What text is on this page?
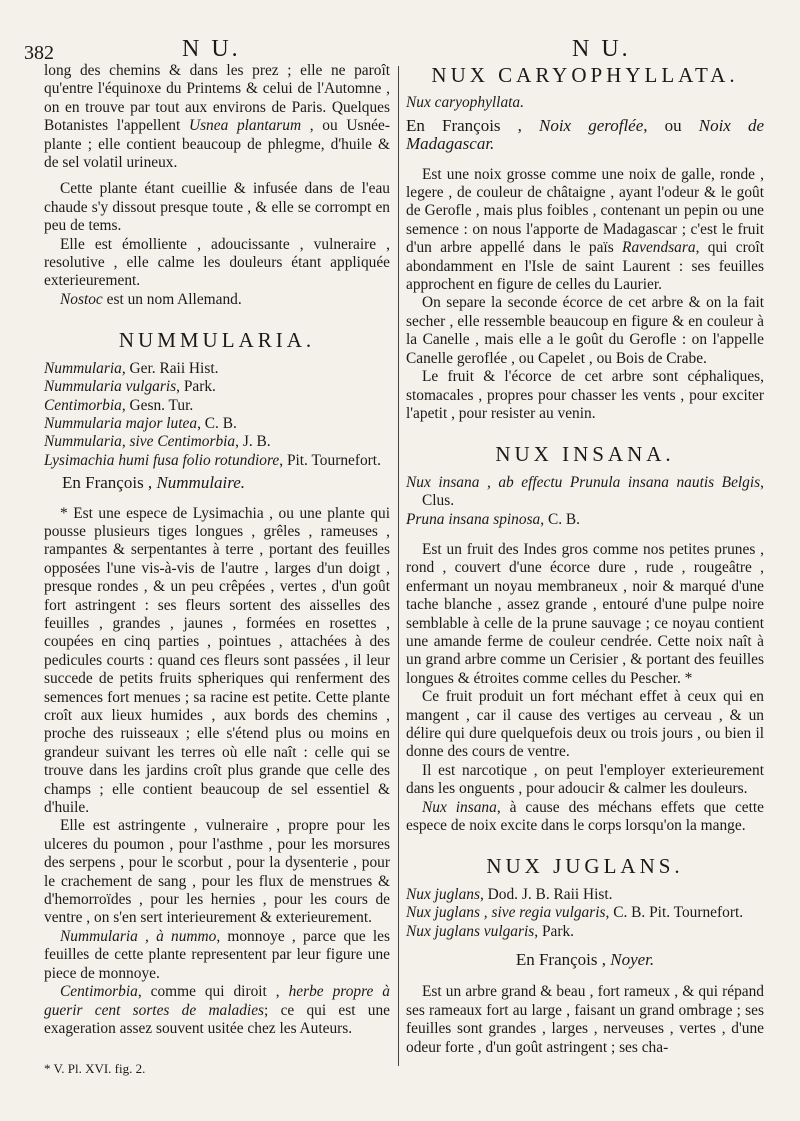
382	N U.	N U.

long des chemins & dans les prez ; elle ne paroît qu'entre l'équinoxe du Printems & celui de l'Automne , on en trouve par tout aux environs de Paris. Quelques Botanistes l'appellent Usnea plantarum , ou Usnée-plante ; elle contient beaucoup de phlegme, d'huile & de sel volatil urineux.

Cette plante étant cueillie & infusée dans de l'eau chaude s'y dissout presque toute , & elle se corrompt en peu de tems.

Elle est émolliente , adoucissante , vulneraire , resolutive , elle calme les douleurs étant appliquée exterieurement.

Nostoc est un nom Allemand.

NUMMULARIA.

Nummularia, Ger. Raii Hist.

Nummularia vulgaris, Park.

Centimorbia, Gesn. Tur.

Nummularia major lutea, C. B.

Nummularia, sive Centimorbia, J. B.

Lysimachia humi fusa folio rotundiore, Pit. Tournefort.

En François , Nummulaire.

* Est une espece de Lysimachia , ou une plante qui pousse plusieurs tiges longues , grêles , rameuses , rampantes & serpentantes à terre , portant des feuilles opposées l'une vis-à-vis de l'autre , larges d'un doigt , presque rondes , & un peu crêpées , vertes , d'un goût fort astringent : ses fleurs sortent des aisselles des feuilles , grandes , jaunes , formées en rosettes , coupées en cinq parties , pointues , attachées à des pedicules courts : quand ces fleurs sont passées , il leur succede de petits fruits spheriques qui renferment des semences fort menues ; sa racine est petite. Cette plante croît aux lieux humides , aux bords des chemins , proche des ruisseaux ; elle s'étend plus ou moins en grandeur suivant les terres où elle naît : celle qui se trouve dans les jardins croît plus grande que celle des champs ; elle contient beaucoup de sel essentiel & d'huile.

Elle est astringente , vulneraire , propre pour les ulceres du poumon , pour l'asthme , pour les morsures des serpens , pour le scorbut , pour la dysenterie , pour le crachement de sang , pour les flux de menstrues & d'hemorroïdes , pour les hernies , pour les cours de ventre , on s'en sert interieurement & exterieurement.

Nummularia , à nummo, monnoye , parce que les feuilles de cette plante representent par leur figure une piece de monnoye.

Centimorbia, comme qui diroit , herbe propre à guerir cent sortes de maladies; ce qui est une exageration assez souvent usitée chez les Auteurs.

* V. Pl. XVI. fig. 2.

NUX CARYOPHYLLATA.

Nux caryophyllata.

En François , Noix gerofléе, ou Noix de Madagascar.

Est une noix grosse comme une noix de galle, ronde , legere , de couleur de châtaigne , ayant l'odeur & le goût de Gerofle , mais plus foibles , contenant un pepin ou une semence : on nous l'apporte de Madagascar ; c'est le fruit d'un arbre appellé dans le païs Ravendsara, qui croît abondamment en l'Isle de saint Laurent : ses feuilles approchent en figure de celles du Laurier.

On separe la seconde écorce de cet arbre & on la fait secher , elle ressemble beaucoup en figure & en couleur à la Canelle , mais elle a le goût du Gerofle : on l'appelle Canelle gerofléе , ou Capelet , ou Bois de Crabe.

Le fruit & l'écorce de cet arbre sont céphaliques, stomacales , propres pour chasser les vents , pour exciter l'apetit , pour resister au venin.

NUX INSANA.

Nux insana , ab effectu Prunula insana nautis Belgis, Clus.

Pruna insana spinosa, C. B.

Est un fruit des Indes gros comme nos petites prunes , rond , couvert d'une écorce dure , rude , rougeâtre , enfermant un noyau membraneux , noir & marqué d'une tache blanche , assez grande , entouré d'une pulpe noire semblable à celle de la prune sauvage ; ce noyau contient une amande ferme de couleur cendrée. Cette noix naît à un grand arbre comme un Cerisier , & portant des feuilles longues & étroites comme celles du Pescher. *

Ce fruit produit un fort méchant effet à ceux qui en mangent , car il cause des vertiges au cerveau , & un délire qui dure quelquefois deux ou trois jours , ou bien il donne des cours de ventre.

Il est narcotique , on peut l'employer exterieurement dans les onguents , pour adoucir & calmer les douleurs.

Nux insana, à cause des méchans effets que cette espece de noix excite dans le corps lorsqu'on la mange.

NUX JUGLANS.

Nux juglans, Dod. J. B. Raii Hist.

Nux juglans , sive regia vulgaris, C. B. Pit. Tournefort.

Nux juglans vulgaris, Park.

En François , Noyer.

Est un arbre grand & beau , fort rameux , & qui répand ses rameaux fort au large , faisant un grand ombrage ; ses feuilles sont grandes , larges , nerveuses , vertes , d'une odeur forte , d'un goût astringent ; ses cha-
